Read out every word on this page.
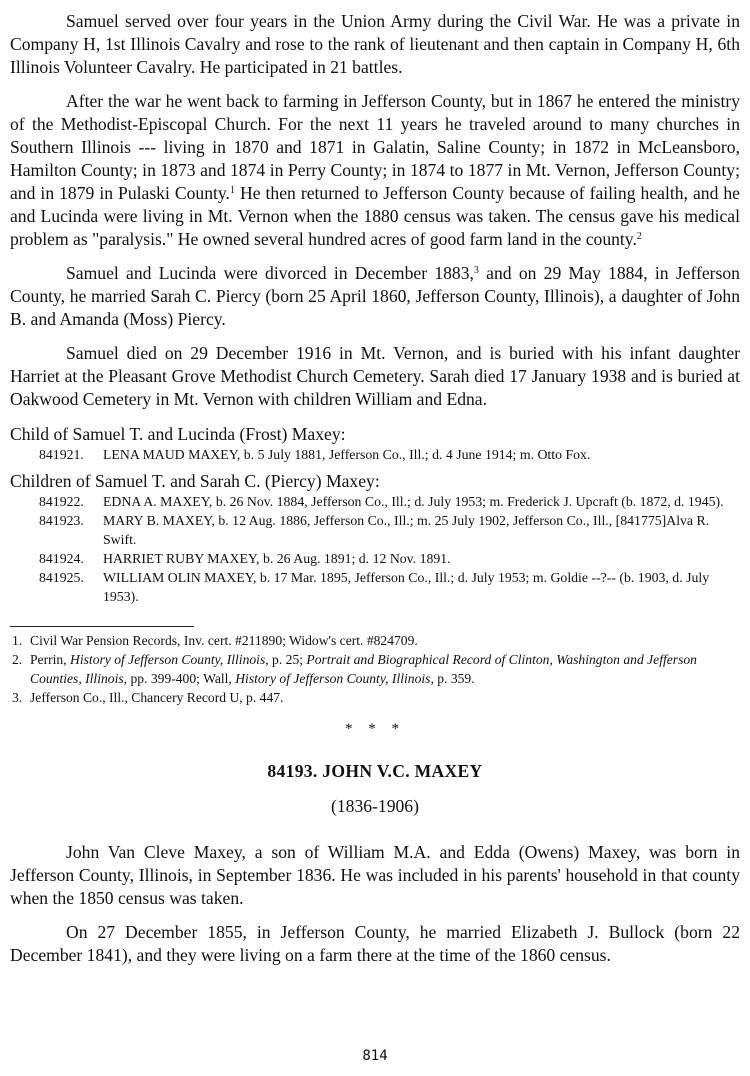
Samuel served over four years in the Union Army during the Civil War. He was a private in Company H, 1st Illinois Cavalry and rose to the rank of lieutenant and then captain in Company H, 6th Illinois Volunteer Cavalry. He participated in 21 battles.

After the war he went back to farming in Jefferson County, but in 1867 he entered the ministry of the Methodist-Episcopal Church. For the next 11 years he traveled around to many churches in Southern Illinois --- living in 1870 and 1871 in Galatin, Saline County; in 1872 in McLeansboro, Hamilton County; in 1873 and 1874 in Perry County; in 1874 to 1877 in Mt. Vernon, Jefferson County; and in 1879 in Pulaski County.$^1$ He then returned to Jefferson County because of failing health, and he and Lucinda were living in Mt. Vernon when the 1880 census was taken. The census gave his medical problem as "paralysis." He owned several hundred acres of good farm land in the county.$^2$

Samuel and Lucinda were divorced in December 1883,$^3$ and on 29 May 1884, in Jefferson County, he married Sarah C. Piercy (born 25 April 1860, Jefferson County, Illinois), a daughter of John B. and Amanda (Moss) Piercy.

Samuel died on 29 December 1916 in Mt. Vernon, and is buried with his infant daughter Harriet at the Pleasant Grove Methodist Church Cemetery. Sarah died 17 January 1938 and is buried at Oakwood Cemetery in Mt. Vernon with children William and Edna.

Child of Samuel T. and Lucinda (Frost) Maxey:
841921.	LENA MAUD MAXEY, b. 5 July 1881, Jefferson Co., Ill.; d. 4 June 1914; m. Otto Fox.
Children of Samuel T. and Sarah C. (Piercy) Maxey:
841922.	EDNA A. MAXEY, b. 26 Nov. 1884, Jefferson Co., Ill.; d. July 1953; m. Frederick J. Upcraft (b. 1872, d. 1945).
841923.	MARY B. MAXEY, b. 12 Aug. 1886, Jefferson Co., Ill.; m. 25 July 1902, Jefferson Co., Ill., [841775]Alva R. Swift.
841924.	HARRIET RUBY MAXEY, b. 26 Aug. 1891; d. 12 Nov. 1891.
841925.	WILLIAM OLIN MAXEY, b. 17 Mar. 1895, Jefferson Co., Ill.; d. July 1953; m. Goldie --?-- (b. 1903, d. July 1953).
1. Civil War Pension Records, Inv. cert. #211890; Widow's cert. #824709.
2. Perrin, History of Jefferson County, Illinois, p. 25; Portrait and Biographical Record of Clinton, Washington and Jefferson Counties, Illinois, pp. 399-400; Wall, History of Jefferson County, Illinois, p. 359.
3. Jefferson Co., Ill., Chancery Record U, p. 447.
* * *
84193. JOHN V.C. MAXEY
(1836-1906)

John Van Cleve Maxey, a son of William M.A. and Edda (Owens) Maxey, was born in Jefferson County, Illinois, in September 1836. He was included in his parents' household in that county when the 1850 census was taken.

On 27 December 1855, in Jefferson County, he married Elizabeth J. Bullock (born 22 December 1841), and they were living on a farm there at the time of the 1860 census.

814
